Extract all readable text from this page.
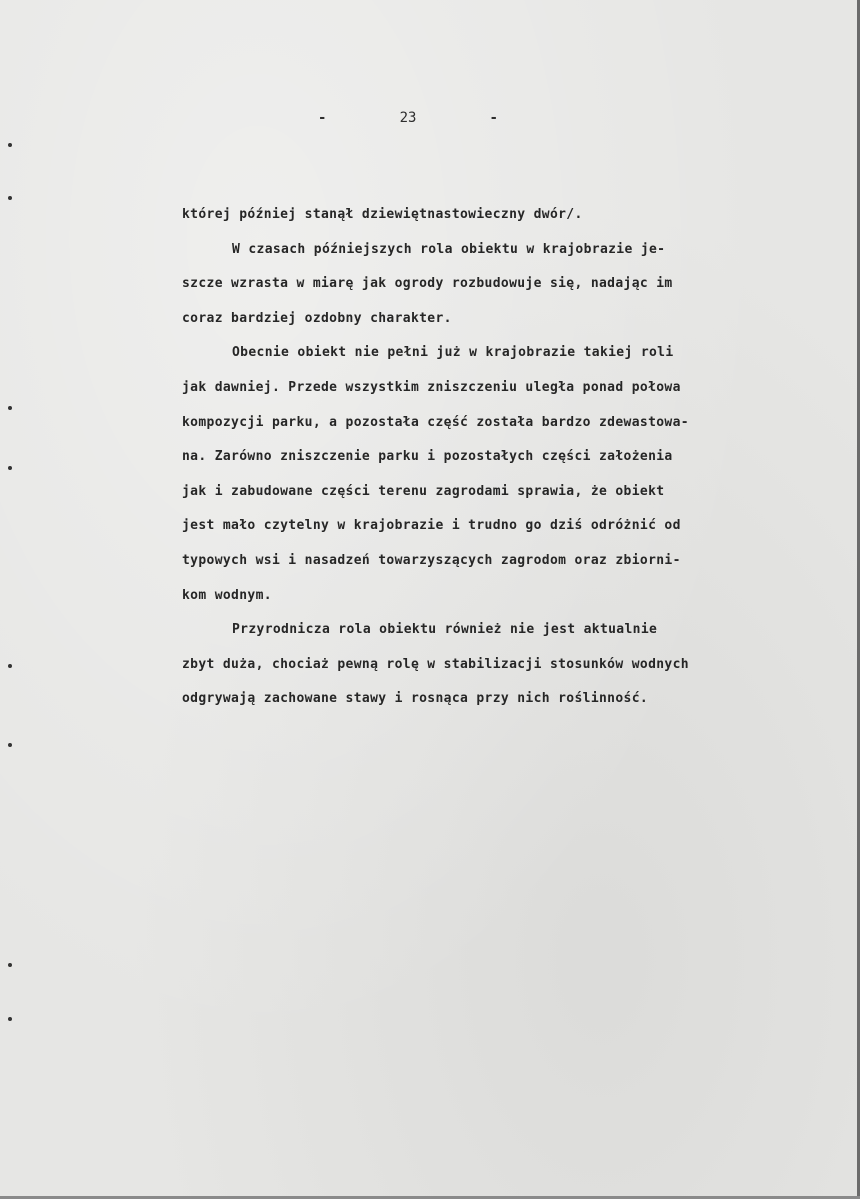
-	23	-
której później stanął dziewiętnastowieczny dwór/.
W czasach późniejszych rola obiektu w krajobrazie je-
szcze wzrasta w miarę jak ogrody rozbudowuje się, nadając im
coraz bardziej ozdobny charakter.
Obecnie obiekt nie pełni już w krajobrazie takiej roli
jak dawniej. Przede wszystkim zniszczeniu uległa ponad połowa
kompozycji parku, a pozostała część została bardzo zdewastowa-
na. Zarówno zniszczenie parku i pozostałych części założenia
jak i zabudowane części terenu zagrodami sprawia, że obiekt
jest mało czytelny w krajobrazie i trudno go dziś odróżnić od
typowych wsi i nasadzeń towarzyszących zagrodom oraz zbiorni-
kom wodnym.
Przyrodnicza rola obiektu również nie jest aktualnie
zbyt duża, chociaż pewną rolę w stabilizacji stosunków wodnych
odgrywają zachowane stawy i rosnąca przy nich roślinność.
